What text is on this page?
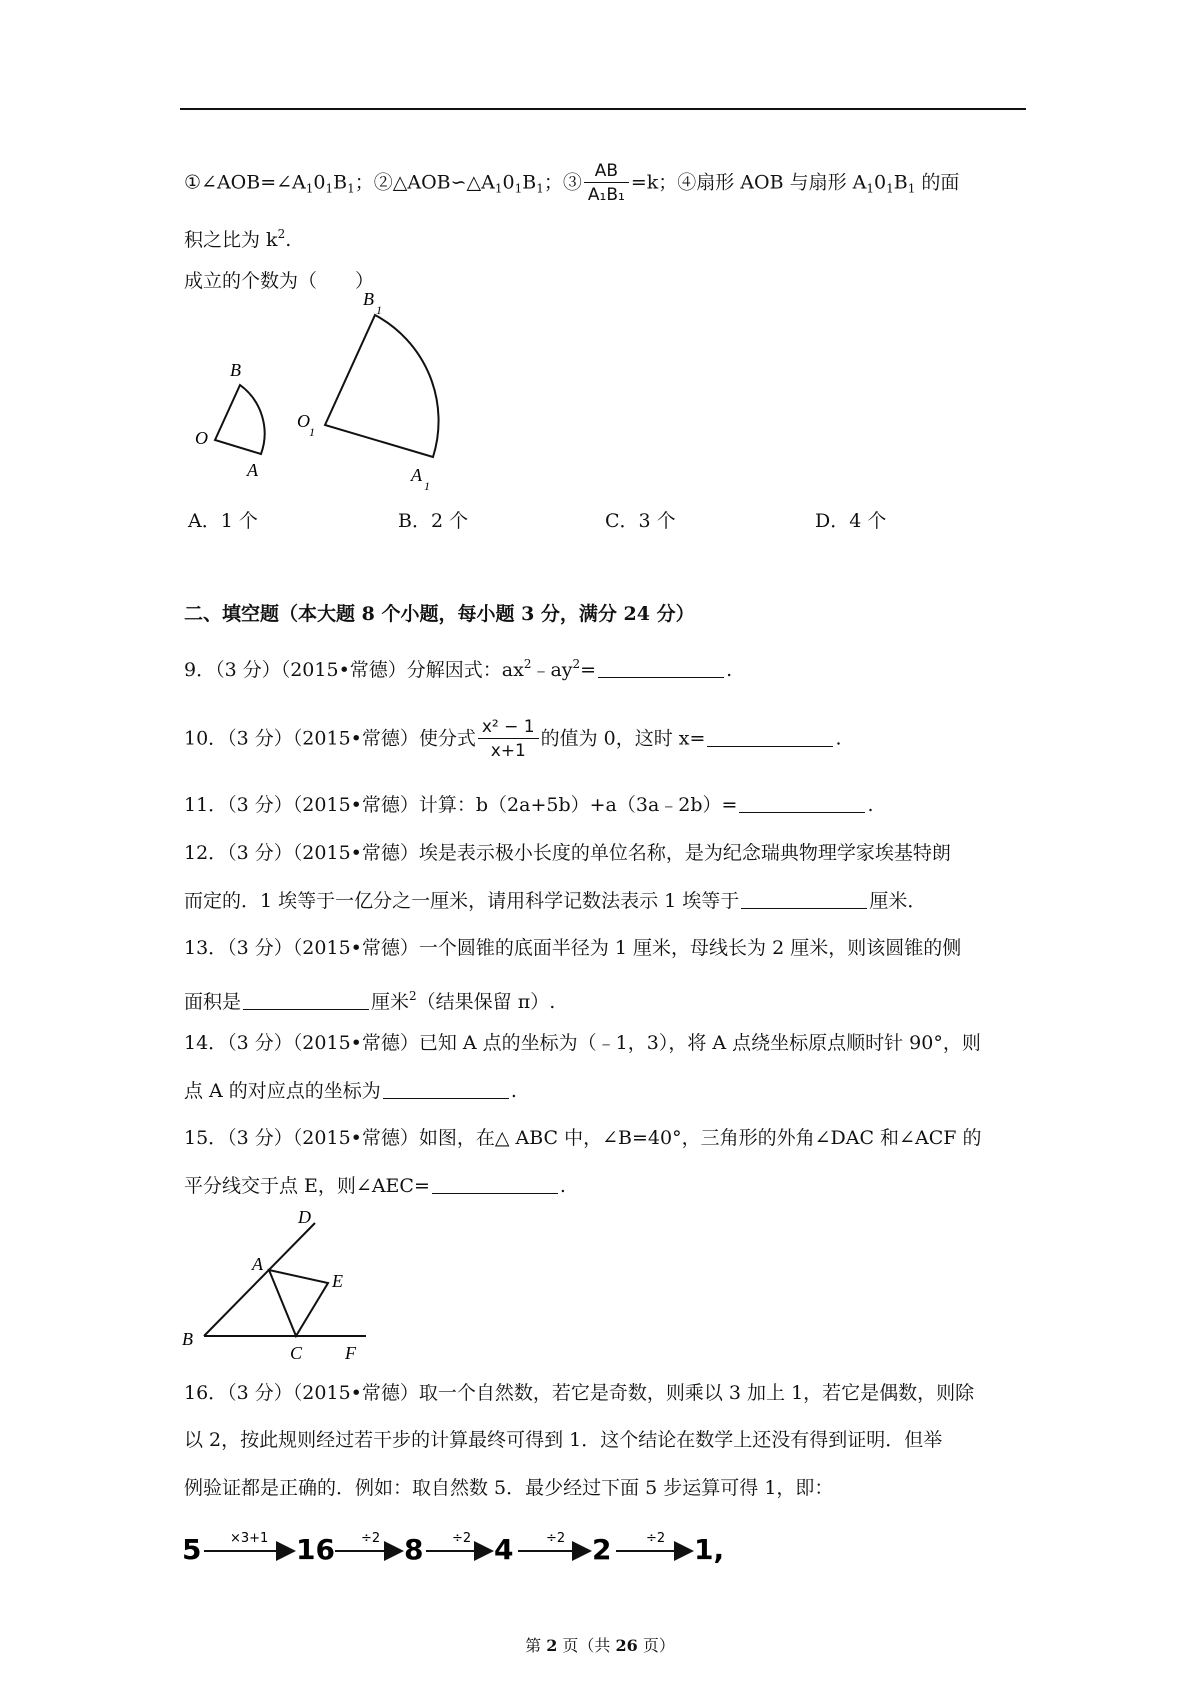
$①\angle AOB=\angle A_10_1B_1$；$②\triangle AOB∽\triangle A_10_1B_1$；③ $\frac{AB}{\text{A₁B₁}} =k$；④扇形 AOB 与扇形 $A_10_1B_1$ 的面
积之比为 $k^2$.
成立的个数为（　　）
O
B
A
O
1
B
1
A
1
A．1 个	B．2 个	C．3 个	D．4 个
二、填空题（本大题 8 个小题，每小题 3 分，满分 24 分）
9．（3 分）（2015•常德）分解因式：$ax^2﹣ay^2=$	.
10．（3 分）（2015•常德）使分式 $\frac{\text{x² − 1}}{x+1}$ 的值为 0，这时 x=	.
11．（3 分）（2015•常德）计算：b（2a+5b）+a（3a﹣2b）=	.
12．（3 分）（2015•常德）埃是表示极小长度的单位名称，是为纪念瑞典物理学家埃基特朗
而定的．1 埃等于一亿分之一厘米，请用科学记数法表示 1 埃等于	厘米．
13．（3 分）（2015•常德）一个圆锥的底面半径为 1 厘米，母线长为 2 厘米，则该圆锥的侧
面积是	厘米$^2$（结果保留 π）.
14．（3 分）（2015•常德）已知 A 点的坐标为（﹣1，3），将 A 点绕坐标原点顺时针 90°，则
点 A 的对应点的坐标为	.
15．（3 分）（2015•常德）如图，在△ ABC 中，∠B=40°，三角形的外角∠DAC 和∠ACF 的
平分线交于点 E，则∠AEC=	.
D
A
E
B
C F
16．（3 分）（2015•常德）取一个自然数，若它是奇数，则乘以 3 加上 1，若它是偶数，则除
以 2，按此规则经过若干步的计算最终可得到 1．这个结论在数学上还没有得到证明．但举
例验证都是正确的．例如：取自然数 5．最少经过下面 5 步运算可得 1，即：
5 ×3+1 16 ÷2 8 ÷2 4	÷2 2	÷2 1,
第 2 页（共 26 页）
